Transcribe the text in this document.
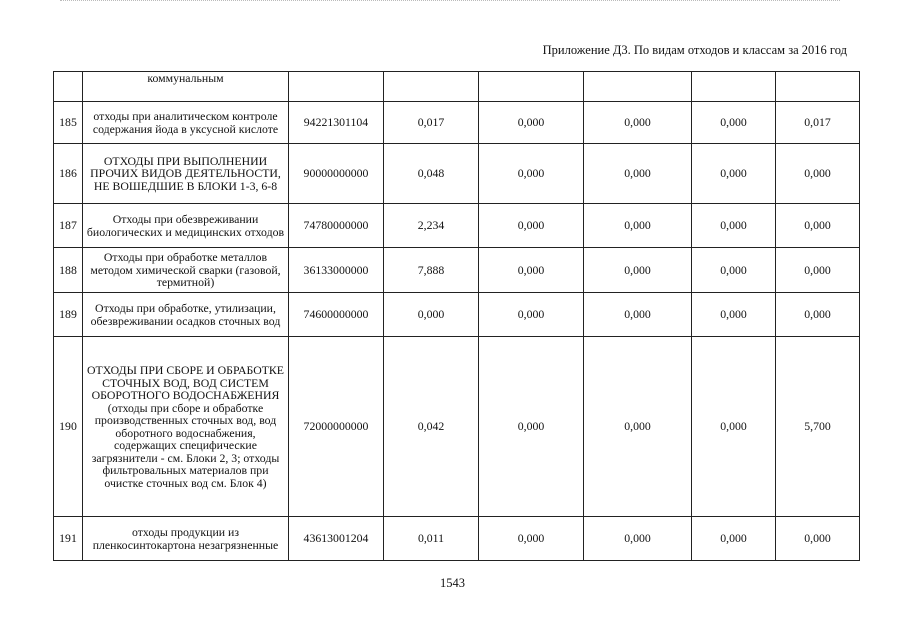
Приложение Д3. По видам отходов и классам за 2016 год
	коммунальным						
185	отходы при аналитическом контроле содержания йода в уксусной кислоте	94221301104	0,017	0,000	0,000	0,000	0,017
186	ОТХОДЫ ПРИ ВЫПОЛНЕНИИ ПРОЧИХ ВИДОВ ДЕЯТЕЛЬНОСТИ, НЕ ВОШЕДШИЕ В БЛОКИ 1-3, 6-8	90000000000	0,048	0,000	0,000	0,000	0,000
187	Отходы при обезвреживании биологических и медицинских отходов	74780000000	2,234	0,000	0,000	0,000	0,000
188	Отходы при обработке металлов методом химической сварки (газовой, термитной)	36133000000	7,888	0,000	0,000	0,000	0,000
189	Отходы при обработке, утилизации, обезвреживании осадков сточных вод	74600000000	0,000	0,000	0,000	0,000	0,000
190	ОТХОДЫ ПРИ СБОРЕ И ОБРАБОТКЕ СТОЧНЫХ ВОД, ВОД СИСТЕМ ОБОРОТНОГО ВОДОСНАБЖЕНИЯ (отходы при сборе и обработке производственных сточных вод, вод оборотного водоснабжения, содержащих специфические загрязнители - см. Блоки 2, 3; отходы фильтровальных материалов при очистке сточных вод см. Блок 4)	72000000000	0,042	0,000	0,000	0,000	5,700
191	отходы продукции из пленкосинтокартона незагрязненные	43613001204	0,011	0,000	0,000	0,000	0,000
1543
